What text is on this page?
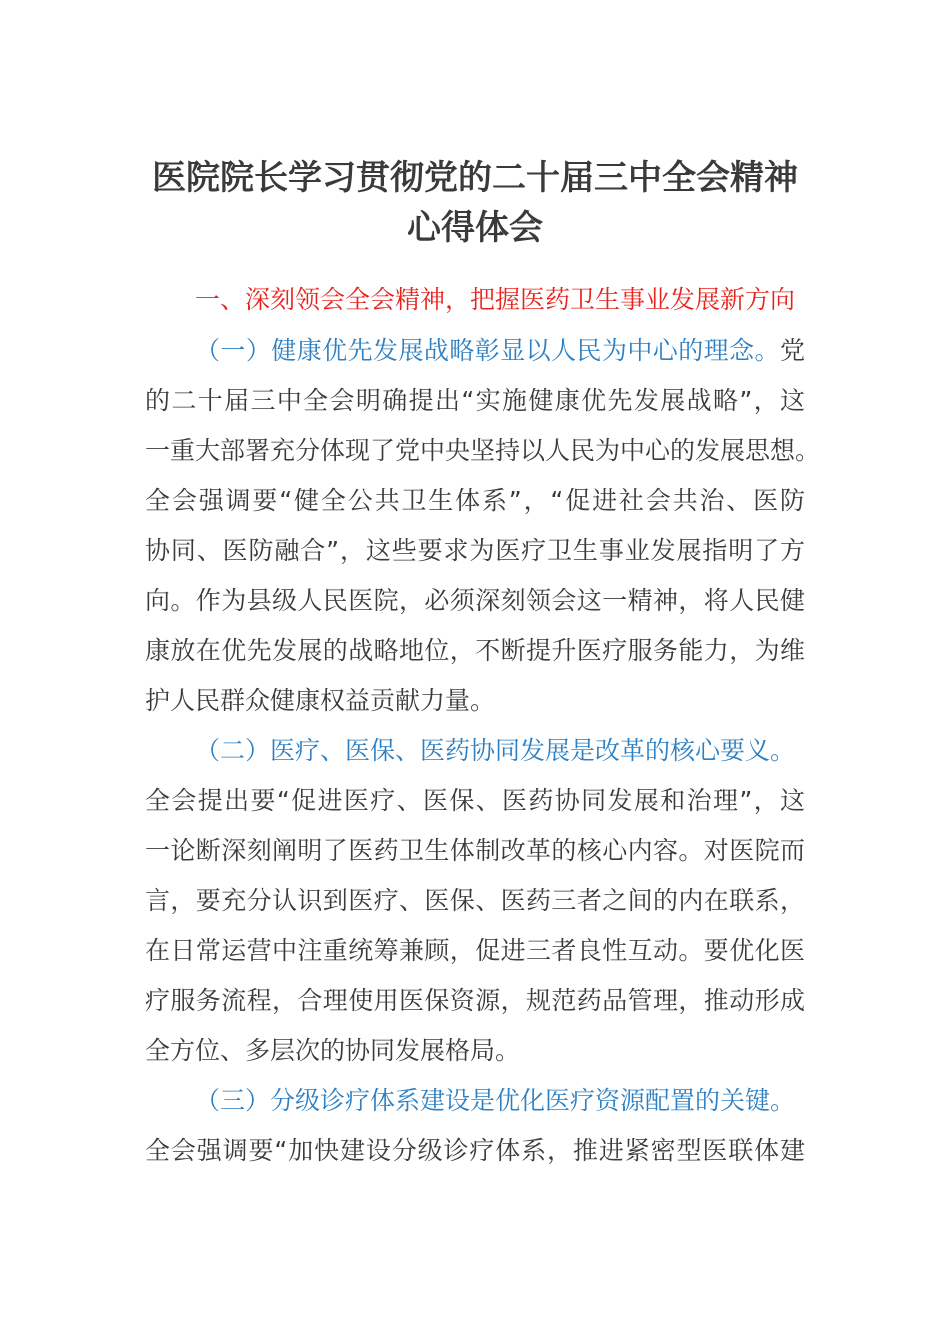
医院院长学习贯彻党的二十届三中全会精神
心得体会

一、深刻领会全会精神，把握医药卫生事业发展新方向

（一）健康优先发展战略彰显以人民为中心的理念。党
的二十届三中全会明确提出“实施健康优先发展战略”，这
一重大部署充分体现了党中央坚持以人民为中心的发展思想。
全会强调要“健全公共卫生体系”，“促进社会共治、医防
协同、医防融合”，这些要求为医疗卫生事业发展指明了方
向。作为县级人民医院，必须深刻领会这一精神，将人民健
康放在优先发展的战略地位，不断提升医疗服务能力，为维
护人民群众健康权益贡献力量。
（二）医疗、医保、医药协同发展是改革的核心要义。
全会提出要“促进医疗、医保、医药协同发展和治理”，这
一论断深刻阐明了医药卫生体制改革的核心内容。对医院而
言，要充分认识到医疗、医保、医药三者之间的内在联系，
在日常运营中注重统筹兼顾，促进三者良性互动。要优化医
疗服务流程，合理使用医保资源，规范药品管理，推动形成
全方位、多层次的协同发展格局。
（三）分级诊疗体系建设是优化医疗资源配置的关键。
全会强调要“加快建设分级诊疗体系，推进紧密型医联体建
